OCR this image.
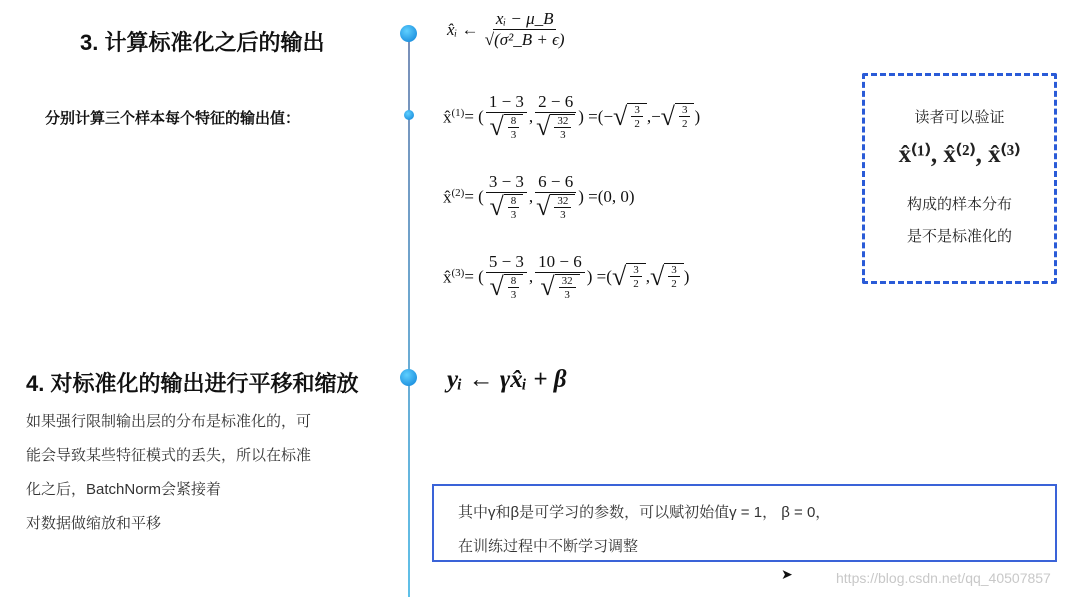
3. 计算标准化之后的输出
分别计算三个样本每个特征的输出值：
4. 对标准化的输出进行平移和缩放
如果强行限制输出层的分布是标准化的，可
能会导致某些特征模式的丢失，所以在标准
化之后，BatchNorm会紧接着
对数据做缩放和平移
x̂ᵢ
←
$\frac{\text{xᵢ − μ\_B}}{\text{√(σ²\_B + ϵ)}}$
x̂$^{(1)}$ = ( $\frac{1 - 3}{√ \frac{8}{3}}$ , $\frac{2 - 6}{√ \frac{32}{3}}$ ) = ( − √ $\frac{3}{2}$ , − √ $\frac{3}{2}$ )
x̂$^{(2)}$ = ( $\frac{3 - 3}{√ \frac{8}{3}}$ , $\frac{6 - 6}{√ \frac{32}{3}}$ ) = (0, 0)
x̂$^{(3)}$ = ( $\frac{5 - 3}{√ \frac{8}{3}}$ , $\frac{10 - 6}{√ \frac{32}{3}}$ ) = ( √ $\frac{3}{2}$ , √ $\frac{3}{2}$ )
读者可以验证
x̂⁽¹⁾, x̂⁽²⁾, x̂⁽³⁾
构成的样本分布
是不是标准化的
yᵢ ← γx̂ᵢ + β
其中γ和β是可学习的参数，可以赋初始值γ = 1， β = 0，
在训练过程中不断学习调整
➤	https://blog.csdn.net/qq_40507857
